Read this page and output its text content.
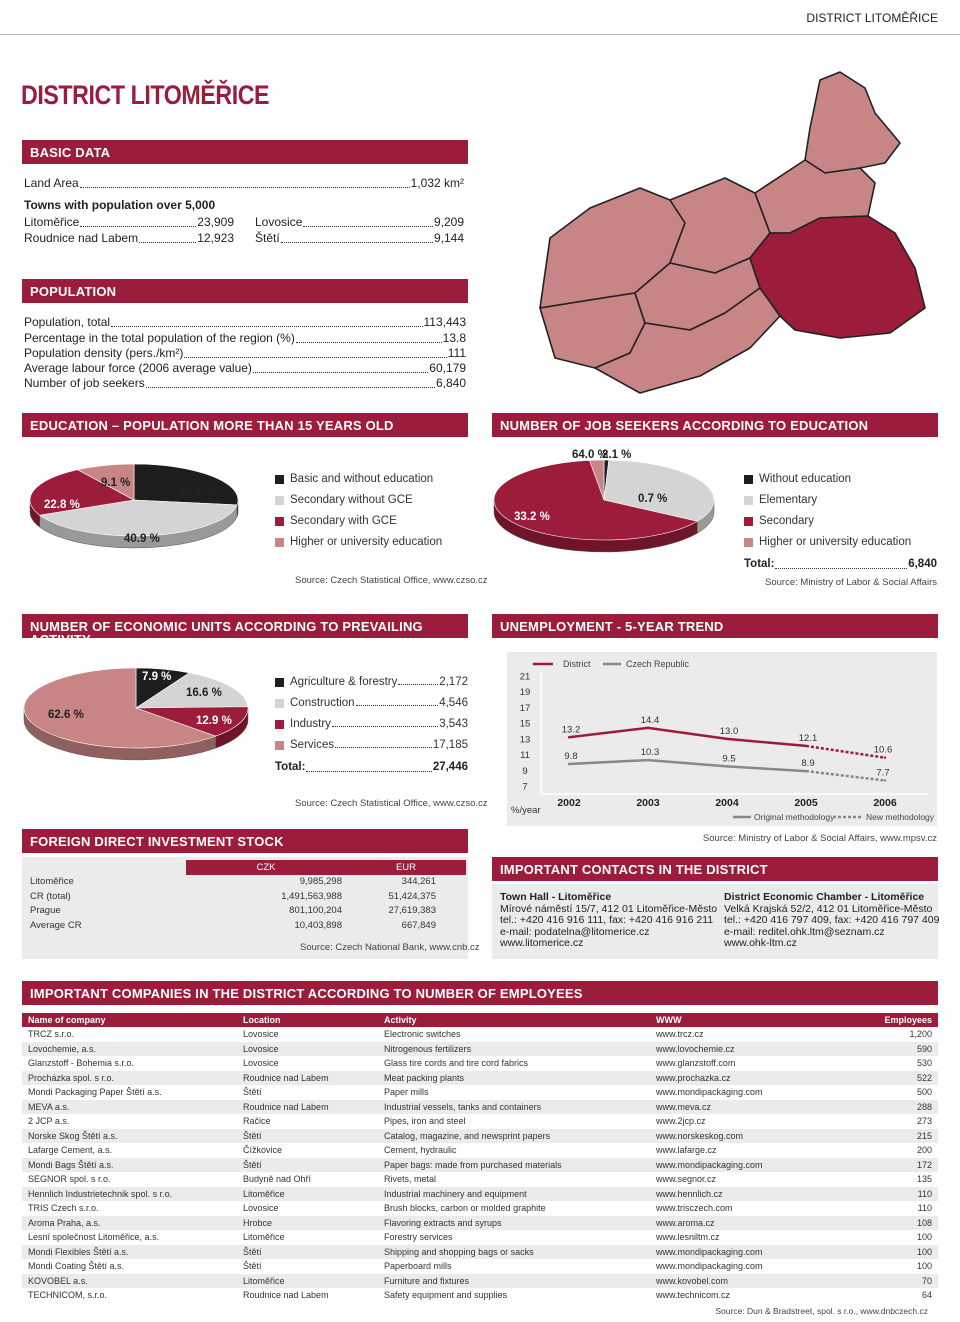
DISTRICT LITOMĚŘICE
DISTRICT LITOMĚŘICE
BASIC DATA
Land Area	1,032 km²
Towns with population over 5,000
Litoměřice	23,909 Lovosice	9,209
Roudnice nad Labem	12,923 Štětí	9,144
POPULATION
Population, total	113,443
Percentage in the total population of the region (%)	13.8
Population density (pers./km²)	111
Average labour force (2006 average value)	60,179
Number of job seekers	6,840
EDUCATION – POPULATION MORE THAN 15 YEARS OLD
27.2 %
40.9 %
22.8 %
9.1 %	Basic and without education
Secondary without GCE
Secondary with GCE
Higher or university education
Source: Czech Statistical Office, www.czso.cz
NUMBER OF JOB SEEKERS ACCORDING TO EDUCATION
0.7 %
33.2 %
64.0 %
2.1 %
Without education
Elementary
Secondary
Higher or university education
Total:	6,840
Source: Ministry of Labor & Social Affairs
NUMBER OF ECONOMIC UNITS ACCORDING TO PREVAILING ACTIVITY
7.9 %
16.6 %
12.9 %
62.6 %
Agriculture & forestry	2,172
Construction	4,546
Industry	3,543
Services	17,185
Total:	27,446
Source: Czech Statistical Office, www.czso.cz
UNEMPLOYMENT - 5-YEAR TREND
7
9
11
13
15
17
19
21
%/year
2002	2003	2004	2005	2006
District	Czech Republic
Original methodology	New methodology
13.2
14.4
13.0
12.1
10.6
9.8	10.3
9.5	8.9
7.7
Source: Ministry of Labor & Social Affairs, www.mpsv.cz
FOREIGN DIRECT INVESTMENT STOCK
	CZK	EUR
Litoměřice	9,985,298	344,261
CR (total)	1,491,563,988	51,424,375
Prague	801,100,204	27,619,383
Average CR	10,403,898	667,849
Source: Czech National Bank, www.cnb.cz
IMPORTANT CONTACTS IN THE DISTRICT
Town Hall - Litoměřice
Mírové náměstí 15/7, 412 01 Litoměřice-Město
tel.: +420 416 916 111, fax: +420 416 916 211
e-mail: podatelna@litomerice.cz
www.litomerice.cz
District Economic Chamber - Litoměřice
Velká Krajská 52/2, 412 01 Litoměřice-Město
tel.: +420 416 797 409, fax: +420 416 797 409
e-mail: reditel.ohk.ltm@seznam.cz
www.ohk-ltm.cz
IMPORTANT COMPANIES IN THE DISTRICT ACCORDING TO NUMBER OF EMPLOYEES
Name of company	Location	Activity	WWW	Employees
TRCZ s.r.o.	Lovosice	Electronic switches	www.trcz.cz	1,200
Lovochemie, a.s.	Lovosice	Nitrogenous fertilizers	www.lovochemie.cz	590
Glanzstoff - Bohemia s.r.o.	Lovosice	Glass tire cords and tire cord fabrics	www.glanzstoff.com	530
Procházka spol. s r.o.	Roudnice nad Labem	Meat packing plants	www.prochazka.cz	522
Mondi Packaging Paper Štětí a.s.	Štětí	Paper mills	www.mondipackaging.com	500
MEVA a.s.	Roudnice nad Labem	Industrial vessels, tanks and containers	www.meva.cz	288
2 JCP a.s.	Račice	Pipes, iron and steel	www.2jcp.cz	273
Norske Skog Štětí a.s.	Štětí	Catalog, magazine, and newsprint papers	www.norskeskog.com	215
Lafarge Cement, a.s.	Čížkovice	Cement, hydraulic	www.lafarge.cz	200
Mondi Bags Štětí a.s.	Štětí	Paper bags: made from purchased materials	www.mondipackaging.com	172
SEGNOR spol. s r.o.	Budyně nad Ohří	Rivets, metal	www.segnor.cz	135
Hennlich Industrietechnik spol. s r.o.	Litoměřice	Industrial machinery and equipment	www.hennlich.cz	110
TRIS Czech s.r.o.	Lovosice	Brush blocks, carbon or molded graphite	www.trisczech.com	110
Aroma Praha, a.s.	Hrobce	Flavoring extracts and syrups	www.aroma.cz	108
Lesní společnost Litoměřice, a.s.	Litoměřice	Forestry services	www.lesniltm.cz	100
Mondi Flexibles Štětí a.s.	Štětí	Shipping and shopping bags or sacks	www.mondipackaging.com	100
Mondi Coating Štětí a.s.	Štětí	Paperboard mills	www.mondipackaging.com	100
KOVOBEL a.s.	Litoměřice	Furniture and fixtures	www.kovobel.com	70
TECHNICOM, s.r.o.	Roudnice nad Labem	Safety equipment and supplies	www.technicom.cz	64
Source: Dun & Bradstreet, spol. s r.o., www.dnbczech.cz
